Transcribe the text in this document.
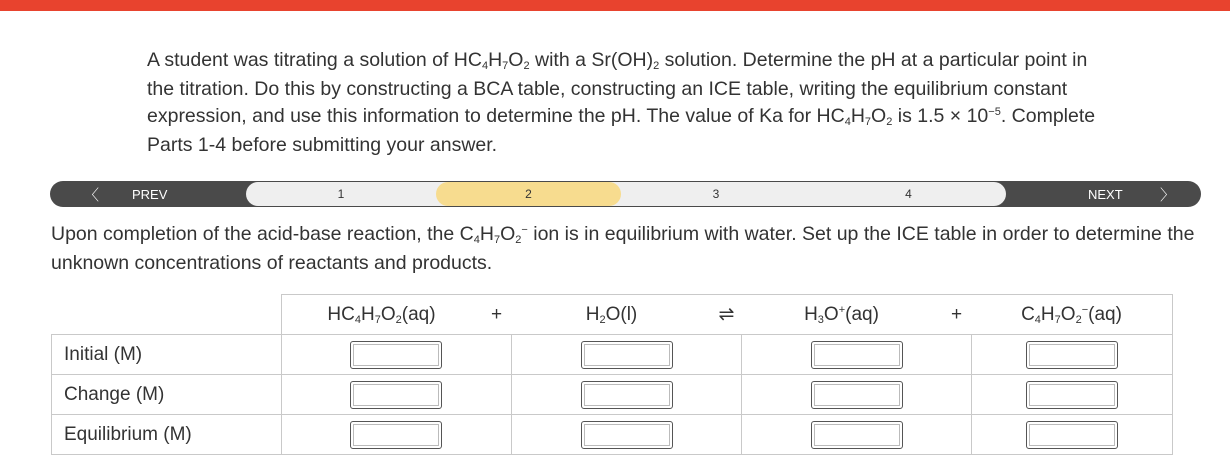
A student was titrating a solution of $HC_4H_7O_2$ with a $Sr(OH)_2$ solution. Determine the pH at a particular point in the titration. Do this by constructing a BCA table, constructing an ICE table, writing the equilibrium constant expression, and use this information to determine the pH. The value of Ka for $HC_4H_7O_2$ is $1.5 \times 10^{-5}$. Complete Parts 1-4 before submitting your answer.
〈	PREV	1	2	3	4	NEXT 〉
Upon completion of the acid-base reaction, the $C_4H_7O_2^-$ ion is in equilibrium with water. Set up the ICE table in order to determine the unknown concentrations of reactants and products.
	$HC_4H_7O_2(aq)$	+	$H_2O(l)$	⇌	$H_3O^+(aq)$	+	$C_4H_7O_2^-(aq)$
Initial (M)							
Change (M)							
Equilibrium (M)							
